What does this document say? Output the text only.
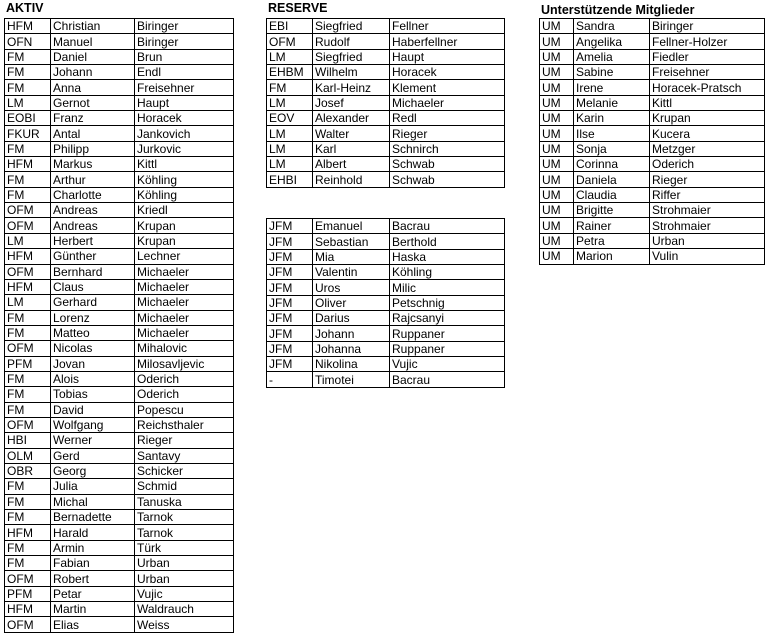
AKTIV
HFM	Christian	Biringer
OFN	Manuel	Biringer
FM	Daniel	Brun
FM	Johann	Endl
FM	Anna	Freisehner
LM	Gernot	Haupt
EOBI	Franz	Horacek
FKUR	Antal	Jankovich
FM	Philipp	Jurkovic
HFM	Markus	Kittl
FM	Arthur	Köhling
FM	Charlotte	Köhling
OFM	Andreas	Kriedl
OFM	Andreas	Krupan
LM	Herbert	Krupan
HFM	Günther	Lechner
OFM	Bernhard	Michaeler
HFM	Claus	Michaeler
LM	Gerhard	Michaeler
FM	Lorenz	Michaeler
FM	Matteo	Michaeler
OFM	Nicolas	Mihalovic
PFM	Jovan	Milosavljevic
FM	Alois	Oderich
FM	Tobias	Oderich
FM	David	Popescu
OFM	Wolfgang	Reichsthaler
HBI	Werner	Rieger
OLM	Gerd	Santavy
OBR	Georg	Schicker
FM	Julia	Schmid
FM	Michal	Tanuska
FM	Bernadette	Tarnok
HFM	Harald	Tarnok
FM	Armin	Türk
FM	Fabian	Urban
OFM	Robert	Urban
PFM	Petar	Vujic
HFM	Martin	Waldrauch
OFM	Elias	Weiss
RESERVE
EBI	Siegfried	Fellner
OFM	Rudolf	Haberfellner
LM	Siegfried	Haupt
EHBM	Wilhelm	Horacek
FM	Karl-Heinz	Klement
LM	Josef	Michaeler
EOV	Alexander	Redl
LM	Walter	Rieger
LM	Karl	Schnirch
LM	Albert	Schwab
EHBI	Reinhold	Schwab
JFM	Emanuel	Bacrau
JFM	Sebastian	Berthold
JFM	Mia	Haska
JFM	Valentin	Köhling
JFM	Uros	Milic
JFM	Oliver	Petschnig
JFM	Darius	Rajcsanyi
JFM	Johann	Ruppaner
JFM	Johanna	Ruppaner
JFM	Nikolina	Vujic
-	Timotei	Bacrau
Unterstützende Mitglieder
UM	Sandra	Biringer
UM	Angelika	Fellner-Holzer
UM	Amelia	Fiedler
UM	Sabine	Freisehner
UM	Irene	Horacek-Pratsch
UM	Melanie	Kittl
UM	Karin	Krupan
UM	Ilse	Kucera
UM	Sonja	Metzger
UM	Corinna	Oderich
UM	Daniela	Rieger
UM	Claudia	Riffer
UM	Brigitte	Strohmaier
UM	Rainer	Strohmaier
UM	Petra	Urban
UM	Marion	Vulin
